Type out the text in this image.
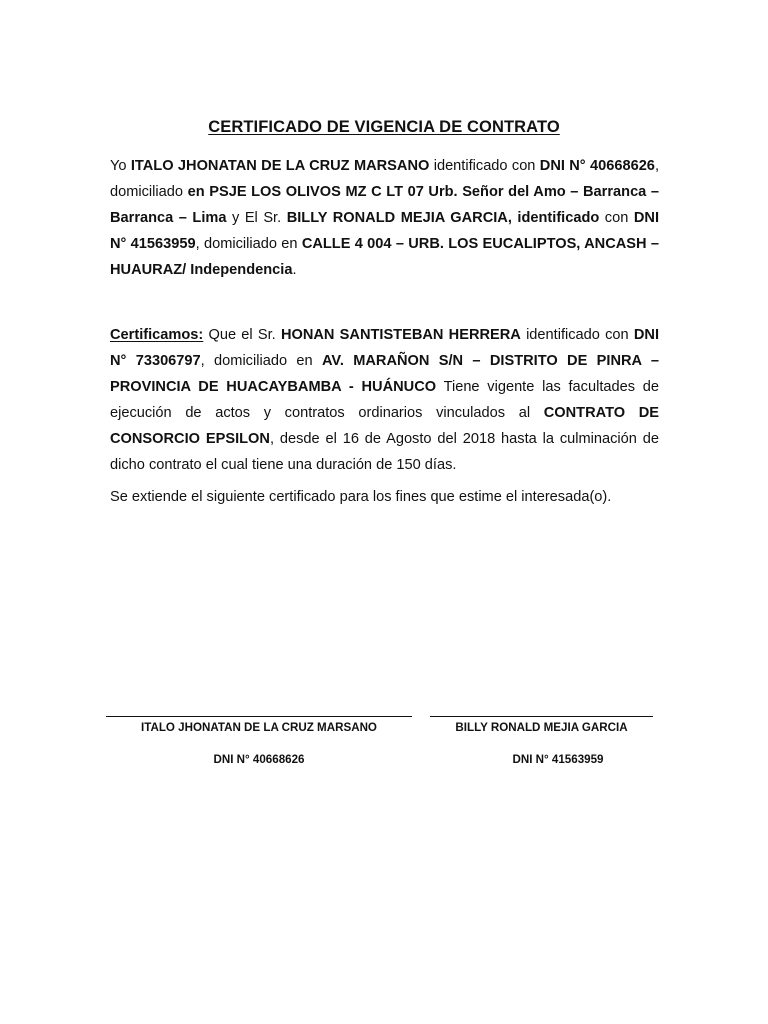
CERTIFICADO DE VIGENCIA DE CONTRATO

Yo ITALO JHONATAN DE LA CRUZ MARSANO identificado con DNI N° 40668626, domiciliado en PSJE LOS OLIVOS MZ C LT 07 Urb. Señor del Amo – Barranca – Barranca – Lima y El Sr. BILLY RONALD MEJIA GARCIA, identificado con DNI N° 41563959, domiciliado en CALLE 4 004 – URB. LOS EUCALIPTOS, ANCASH – HUAURAZ/ Independencia.

Certificamos: Que el Sr. HONAN SANTISTEBAN HERRERA identificado con DNI N° 73306797, domiciliado en AV. MARAÑON S/N – DISTRITO DE PINRA – PROVINCIA DE HUACAYBAMBA - HUÁNUCO Tiene vigente las facultades de ejecución de actos y contratos ordinarios vinculados al CONTRATO DE CONSORCIO EPSILON, desde el 16 de Agosto del 2018 hasta la culminación de dicho contrato el cual tiene una duración de 150 días.

Se extiende el siguiente certificado para los fines que estime el interesada(o).

ITALO JHONATAN DE LA CRUZ MARSANO	BILLY RONALD MEJIA GARCIA
DNI N° 40668626	DNI N° 41563959
